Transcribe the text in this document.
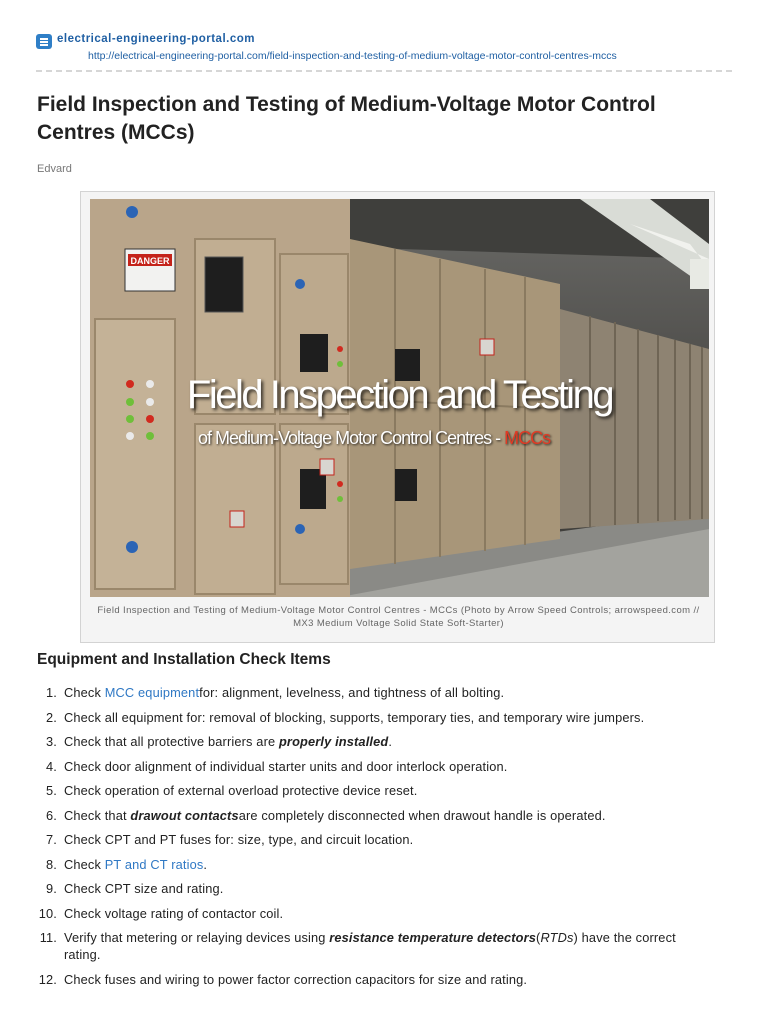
electrical-engineering-portal.com
http://electrical-engineering-portal.com/field-inspection-and-testing-of-medium-voltage-motor-control-centres-mccs
Field Inspection and Testing of Medium-Voltage Motor Control Centres (MCCs)
Edvard
DANGER
Field Inspection and Testing
of Medium-Voltage Motor Control Centres - MCCs
Field Inspection and Testing of Medium-Voltage Motor Control Centres - MCCs (Photo by Arrow Speed Controls; arrowspeed.com // MX3 Medium Voltage Solid State Soft-Starter)
Equipment and Installation Check Items
1. Check MCC equipmentfor: alignment, levelness, and tightness of all bolting.
2. Check all equipment for: removal of blocking, supports, temporary ties, and temporary wire jumpers.
3. Check that all protective barriers are properly installed.
4. Check door alignment of individual starter units and door interlock operation.
5. Check operation of external overload protective device reset.
6. Check that drawout contactsare completely disconnected when drawout handle is operated.
7. Check CPT and PT fuses for: size, type, and circuit location.
8. Check PT and CT ratios.
9. Check CPT size and rating.
10. Check voltage rating of contactor coil.
11. Verify that metering or relaying devices using resistance temperature detectors(RTDs) have the correct rating.
12. Check fuses and wiring to power factor correction capacitors for size and rating.
